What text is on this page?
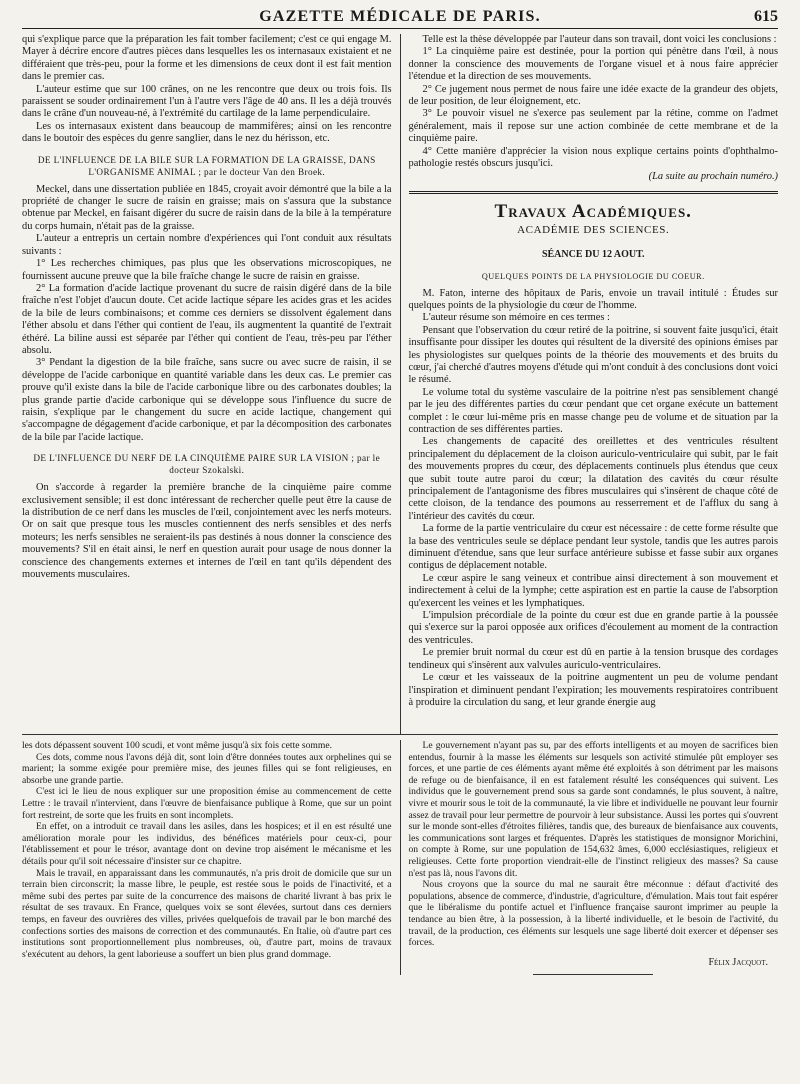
GAZETTE MÉDICALE DE PARIS.	615

qui s'explique parce que la préparation les fait tomber facilement; c'est ce qui engage M. Mayer à décrire encore d'autres pièces dans lesquelles les os internasaux existaient et ne différaient que très-peu, pour la forme et les dimensions de ceux dont il est fait mention dans le premier cas.

L'auteur estime que sur 100 crânes, on ne les rencontre que deux ou trois fois. Ils paraissent se souder ordinairement l'un à l'autre vers l'âge de 40 ans. Il les a déjà trouvés dans le crâne d'un nouveau-né, à l'extrémité du cartilage de la lame perpendiculaire.

Les os internasaux existent dans beaucoup de mammifères; ainsi on les rencontre dans le boutoir des espèces du genre sanglier, dans le nez du hérisson, etc.

DE L'INFLUENCE DE LA BILE SUR LA FORMATION DE LA GRAISSE, DANS L'ORGANISME ANIMAL ; par le docteur Van den Broek.

Meckel, dans une dissertation publiée en 1845, croyait avoir démontré que la bile a la propriété de changer le sucre de raisin en graisse; mais on s'assura que la substance obtenue par Meckel, en faisant digérer du sucre de raisin dans de la bile à la température du corps humain, n'était pas de la graisse.

L'auteur a entrepris un certain nombre d'expériences qui l'ont conduit aux résultats suivants :

1° Les recherches chimiques, pas plus que les observations microscopiques, ne fournissent aucune preuve que la bile fraîche change le sucre de raisin en graisse.

2° La formation d'acide lactique provenant du sucre de raisin digéré dans de la bile fraîche n'est l'objet d'aucun doute. Cet acide lactique sépare les acides gras et les acides de la bile de leurs combinaisons; et comme ces derniers se dissolvent également dans l'éther absolu et dans l'éther qui contient de l'eau, ils augmentent la quantité de l'extrait éthéré. La biline aussi est séparée par l'éther qui contient de l'eau, très-peu par l'éther absolu.

3° Pendant la digestion de la bile fraîche, sans sucre ou avec sucre de raisin, il se développe de l'acide carbonique en quantité variable dans les deux cas. Le premier cas prouve qu'il existe dans la bile de l'acide carbonique libre ou des carbonates doubles; la plus grande partie d'acide carbonique qui se développe sous l'influence du sucre de raisin, s'explique par le changement du sucre en acide lactique, changement qui s'accompagne de dégagement d'acide carbonique, et par la décomposition des carbonates de la bile par l'acide lactique.

DE L'INFLUENCE DU NERF DE LA CINQUIÈME PAIRE SUR LA VISION ; par le docteur Szokalski.

On s'accorde à regarder la première branche de la cinquième paire comme exclusivement sensible; il est donc intéressant de rechercher quelle peut être la cause de la distribution de ce nerf dans les muscles de l'œil, conjointement avec les nerfs moteurs. Or on sait que presque tous les muscles contiennent des nerfs sensibles et des nerfs moteurs; les nerfs sensibles ne seraient-ils pas destinés à nous donner la conscience des mouvements? S'il en était ainsi, le nerf en question aurait pour usage de nous donner la conscience des changements externes et internes de l'œil en tant qu'ils dépendent des mouvements musculaires.

Telle est la thèse développée par l'auteur dans son travail, dont voici les conclusions :

1° La cinquième paire est destinée, pour la portion qui pénètre dans l'œil, à nous donner la conscience des mouvements de l'organe visuel et à nous faire apprécier l'étendue et la direction de ses mouvements.

2° Ce jugement nous permet de nous faire une idée exacte de la grandeur des objets, de leur position, de leur éloignement, etc.

3° Le pouvoir visuel ne s'exerce pas seulement par la rétine, comme on l'admet généralement, mais il repose sur une action combinée de cette membrane et de la cinquième paire.

4° Cette manière d'apprécier la vision nous explique certains points d'ophthalmo-pathologie restés obscurs jusqu'ici.

(La suite au prochain numéro.)
Travaux Académiques.
ACADÉMIE DES SCIENCES.
SÉANCE DU 12 AOUT.
QUELQUES POINTS DE LA PHYSIOLOGIE DU COEUR.

M. Faton, interne des hôpitaux de Paris, envoie un travail intitulé : Études sur quelques points de la physiologie du cœur de l'homme.

L'auteur résume son mémoire en ces termes :

Pensant que l'observation du cœur retiré de la poitrine, si souvent faite jusqu'ici, était insuffisante pour dissiper les doutes qui résultent de la diversité des opinions émises par les physiologistes sur quelques points de la théorie des mouvements et des bruits du cœur, j'ai cherché d'autres moyens d'étude qui m'ont conduit à des conclusions dont voici le résumé.

Le volume total du système vasculaire de la poitrine n'est pas sensiblement changé par le jeu des différentes parties du cœur pendant que cet organe exécute un battement complet : le cœur lui-même pris en masse change peu de volume et de situation par la contraction de ses différentes parties.

Les changements de capacité des oreillettes et des ventricules résultent principalement du déplacement de la cloison auriculo-ventriculaire qui subit, par le fait des mouvements propres du cœur, des déplacements continuels plus étendus que ceux que subit toute autre paroi du cœur; la dilatation des cavités du cœur résulte principalement de l'antagonisme des fibres musculaires qui s'insèrent de chaque côté de cette cloison, de la tendance des poumons au resserrement et de l'afflux du sang à l'intérieur des cavités du cœur.

La forme de la partie ventriculaire du cœur est nécessaire : de cette forme résulte que la base des ventricules seule se déplace pendant leur systole, tandis que les autres parois diminuent d'étendue, sans que leur surface antérieure subisse et fasse subir aux organes contigus de déplacement notable.

Le cœur aspire le sang veineux et contribue ainsi directement à son mouvement et indirectement à celui de la lymphe; cette aspiration est en partie la cause de l'absorption qu'exercent les veines et les lymphatiques.

L'impulsion précordiale de la pointe du cœur est due en grande partie à la poussée qui s'exerce sur la paroi opposée aux orifices d'écoulement au moment de la contraction des ventricules.

Le premier bruit normal du cœur est dû en partie à la tension brusque des cordages tendineux qui s'insèrent aux valvules auriculo-ventriculaires.

Le cœur et les vaisseaux de la poitrine augmentent un peu de volume pendant l'inspiration et diminuent pendant l'expiration; les mouvements respiratoires contribuent à produire la circulation du sang, et leur grande énergie aug

les dots dépassent souvent 100 scudi, et vont même jusqu'à six fois cette somme.

Ces dots, comme nous l'avons déjà dit, sont loin d'être données toutes aux orphelines qui se marient; la somme exigée pour première mise, des jeunes filles qui se font religieuses, en absorbe une grande partie.

C'est ici le lieu de nous expliquer sur une proposition émise au commencement de cette Lettre : le travail n'intervient, dans l'œuvre de bienfaisance publique à Rome, que sur un point fort restreint, de sorte que les fruits en sont incomplets.

En effet, on a introduit ce travail dans les asiles, dans les hospices; et il en est résulté une amélioration morale pour les individus, des bénéfices matériels pour ceux-ci, pour l'établissement et pour le trésor, avantage dont on devine trop aisément le mécanisme et les détails pour qu'il soit nécessaire d'insister sur ce chapitre.

Mais le travail, en apparaissant dans les communautés, n'a pris droit de domicile que sur un terrain bien circonscrit; la masse libre, le peuple, est restée sous le poids de l'inactivité, et a même subi des pertes par suite de la concurrence des maisons de charité livrant à bas prix le résultat de ses travaux. En France, quelques voix se sont élevées, surtout dans ces derniers temps, en faveur des ouvrières des villes, privées quelquefois de travail par le bon marché des confections sorties des maisons de correction et des communautés. En Italie, où d'autre part ces institutions sont proportionnellement plus nombreuses, où, d'autre part, moins de travaux s'exécutent au dehors, la gent laborieuse a souffert un bien plus grand dommage.

Le gouvernement n'ayant pas su, par des efforts intelligents et au moyen de sacrifices bien entendus, fournir à la masse les éléments sur lesquels son activité stimulée pût employer ses forces, et une partie de ces éléments ayant même été exploités à son détriment par les maisons de refuge ou de bienfaisance, il en est fatalement résulté les conséquences qui suivent. Les individus que le gouvernement prend sous sa garde sont condamnés, le plus souvent, à naître, vivre et mourir sous le toit de la communauté, la vie libre et individuelle ne pouvant leur fournir assez de travail pour leur permettre de pourvoir à leur subsistance. Aussi les portes qui s'ouvrent sur le monde sont-elles d'étroites filières, tandis que, des bureaux de bienfaisance aux couvents, les communications sont larges et fréquentes. D'après les statistiques de monsignor Morichini, on compte à Rome, sur une population de 154,632 âmes, 6,000 ecclésiastiques, religieux et religieuses. Cette forte proportion viendrait-elle de l'instinct religieux des masses? Sa cause n'est pas là, nous l'avons dit.

Nous croyons que la source du mal ne saurait être méconnue : défaut d'activité des populations, absence de commerce, d'industrie, d'agriculture, d'émulation. Mais tout fait espérer que le libéralisme du pontife actuel et l'influence française sauront imprimer au peuple la tendance au bien être, à la possession, à la liberté individuelle, et le besoin de l'activité, du travail, de la production, ces éléments sur lesquels une sage liberté doit exercer et dépenser ses forces.

Félix Jacquot.
